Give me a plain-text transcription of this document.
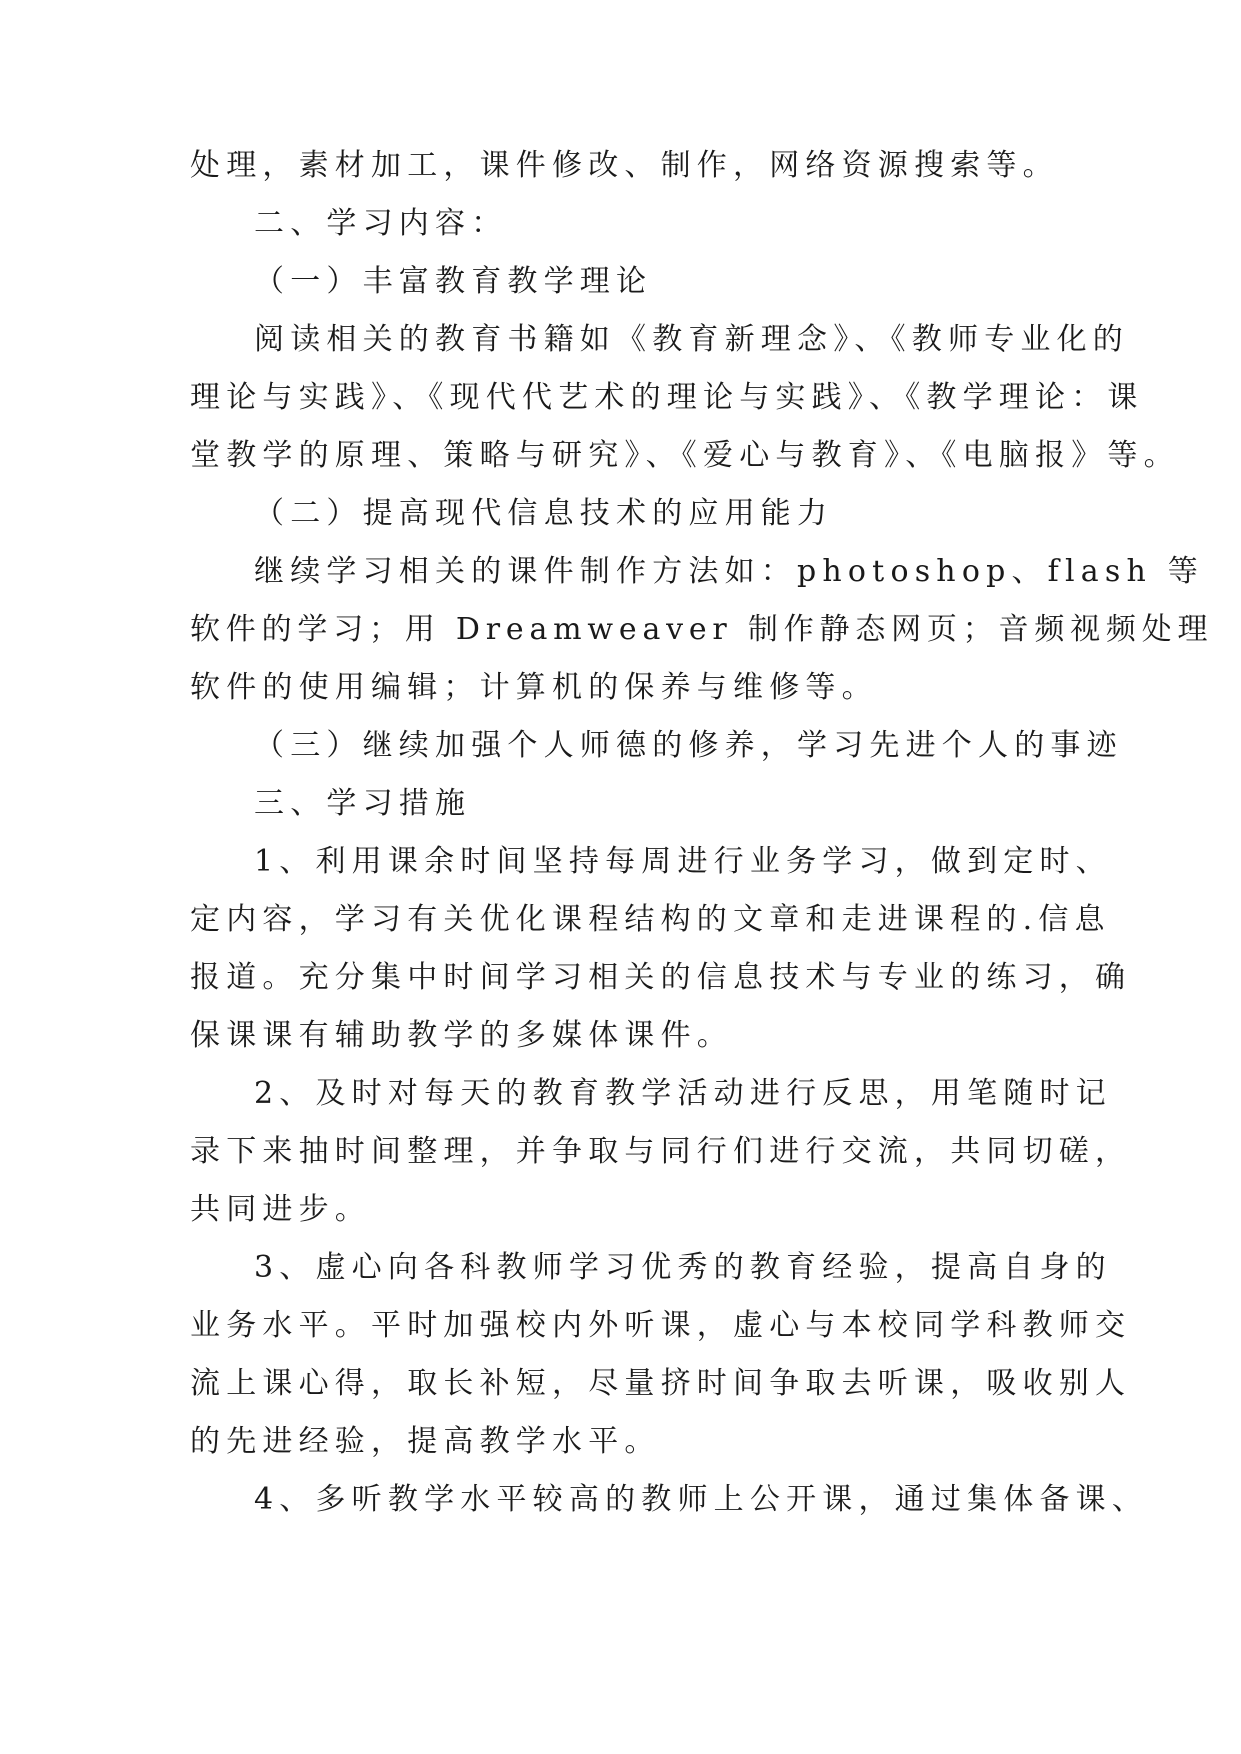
处理，素材加工，课件修改、制作，网络资源搜索等。
二、学习内容：
（一）丰富教育教学理论
阅读相关的教育书籍如《教育新理念》、《教师专业化的
理论与实践》、《现代代艺术的理论与实践》、《教学理论：课
堂教学的原理、策略与研究》、《爱心与教育》、《电脑报》等。
（二）提高现代信息技术的应用能力
继续学习相关的课件制作方法如：photoshop、flash 等
软件的学习；用 Dreamweaver 制作静态网页；音频视频处理
软件的使用编辑；计算机的保养与维修等。
（三）继续加强个人师德的修养，学习先进个人的事迹
三、学习措施
1、利用课余时间坚持每周进行业务学习，做到定时、
定内容，学习有关优化课程结构的文章和走进课程的.信息
报道。充分集中时间学习相关的信息技术与专业的练习，确
保课课有辅助教学的多媒体课件。
2、及时对每天的教育教学活动进行反思，用笔随时记
录下来抽时间整理，并争取与同行们进行交流，共同切磋，
共同进步。
3、虚心向各科教师学习优秀的教育经验，提高自身的
业务水平。平时加强校内外听课，虚心与本校同学科教师交
流上课心得，取长补短，尽量挤时间争取去听课，吸收别人
的先进经验，提高教学水平。
4、多听教学水平较高的教师上公开课，通过集体备课、
